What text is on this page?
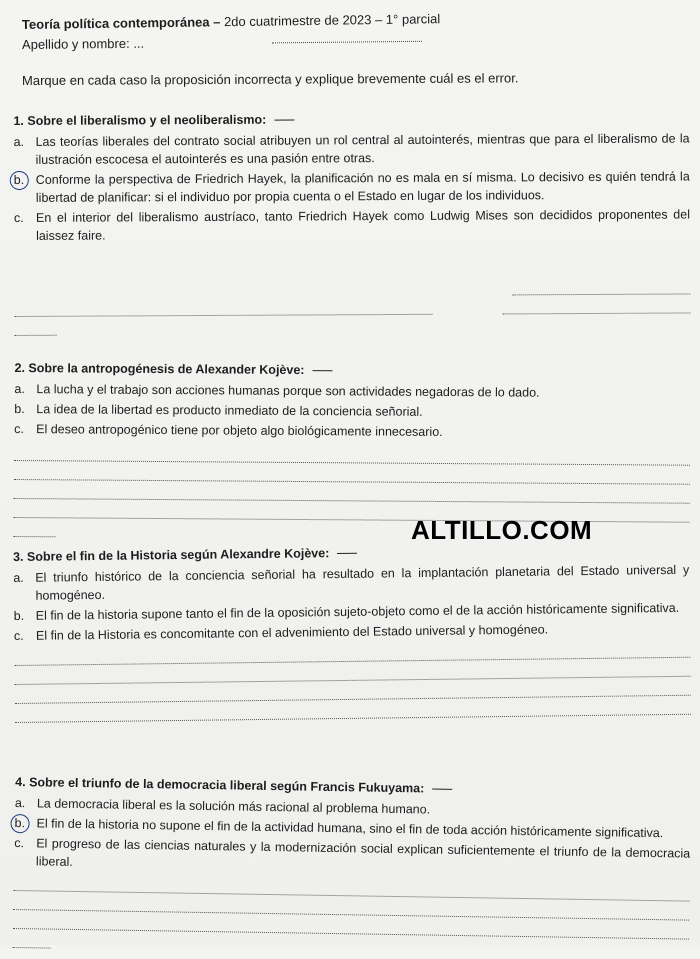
Teoría política contemporánea – 2do cuatrimestre de 2023 – 1° parcial
Apellido y nombre: ...
Marque en cada caso la proposición incorrecta y explique brevemente cuál es el error.
1. Sobre el liberalismo y el neoliberalismo:
a. Las teorías liberales del contrato social atribuyen un rol central al autointerés, mientras que para el liberalismo de la ilustración escocesa el autointerés es una pasión entre otras.
b. Conforme la perspectiva de Friedrich Hayek, la planificación no es mala en sí misma. Lo decisivo es quién tendrá la libertad de planificar: si el individuo por propia cuenta o el Estado en lugar de los individuos.
c. En el interior del liberalismo austríaco, tanto Friedrich Hayek como Ludwig Mises son decididos proponentes del laissez faire.
2. Sobre la antropogénesis de Alexander Kojève:
a. La lucha y el trabajo son acciones humanas porque son actividades negadoras de lo dado.
b. La idea de la libertad es producto inmediato de la conciencia señorial.
c. El deseo antropogénico tiene por objeto algo biológicamente innecesario.
ALTILLO.COM
3. Sobre el fin de la Historia según Alexandre Kojève:
a. El triunfo histórico de la conciencia señorial ha resultado en la implantación planetaria del Estado universal y homogéneo.
b. El fin de la historia supone tanto el fin de la oposición sujeto-objeto como el de la acción históricamente significativa.
c. El fin de la Historia es concomitante con el advenimiento del Estado universal y homogéneo.
4. Sobre el triunfo de la democracia liberal según Francis Fukuyama:
a. La democracia liberal es la solución más racional al problema humano.
b. El fin de la historia no supone el fin de la actividad humana, sino el fin de toda acción históricamente significativa.
c. El progreso de las ciencias naturales y la modernización social explican suficientemente el triunfo de la democracia liberal.
